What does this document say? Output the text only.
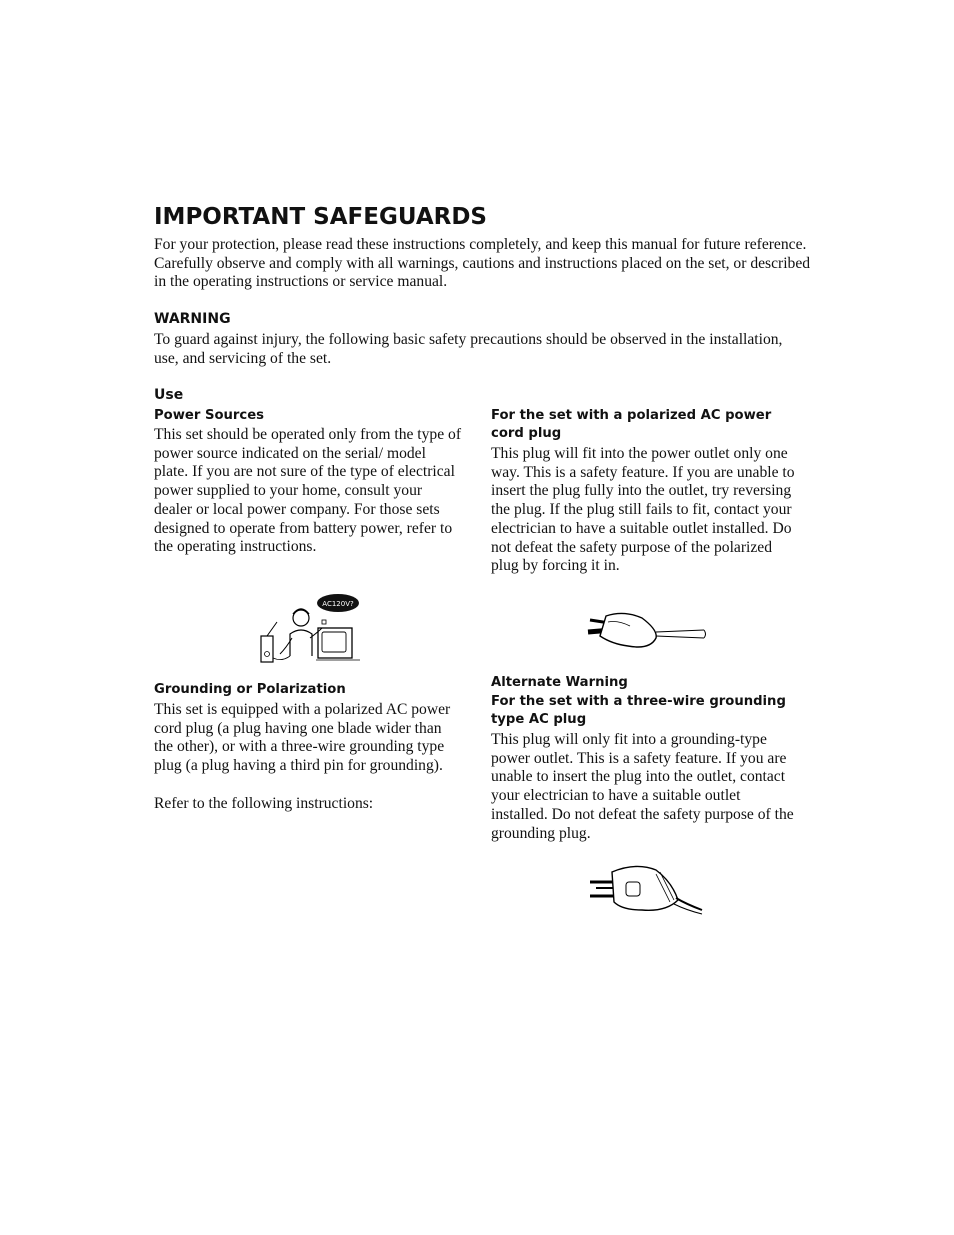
IMPORTANT SAFEGUARDS

For your protection, please read these instructions completely, and keep this manual for future reference. Carefully observe and comply with all warnings, cautions and instructions placed on the set, or described in the operating instructions or service manual.

WARNING

To guard against injury, the following basic safety precautions should be observed in the installation, use, and servicing of the set.

Use

Power Sources

This set should be operated only from the type of power source indicated on the serial/ model plate. If you are not sure of the type of electrical power supplied to your home, consult your dealer or local power company. For those sets designed to operate from battery power, refer to the operating instructions.

AC120V?

Grounding or Polarization

This set is equipped with a polarized AC power cord plug (a plug having one blade wider than the other), or with a three-wire grounding type plug (a plug having a third pin for grounding).

Refer to the following instructions:

For the set with a polarized AC power cord plug

This plug will fit into the power outlet only one way. This is a safety feature. If you are unable to insert the plug fully into the outlet, try reversing the plug. If the plug still fails to fit, contact your electrician to have a suitable outlet installed. Do not defeat the safety purpose of the polarized plug by forcing it in.

Alternate Warning

For the set with a three-wire grounding type AC plug

This plug will only fit into a grounding-type power outlet. This is a safety feature. If you are unable to insert the plug into the outlet, contact your electrician to have a suitable outlet installed. Do not defeat the safety purpose of the grounding plug.
